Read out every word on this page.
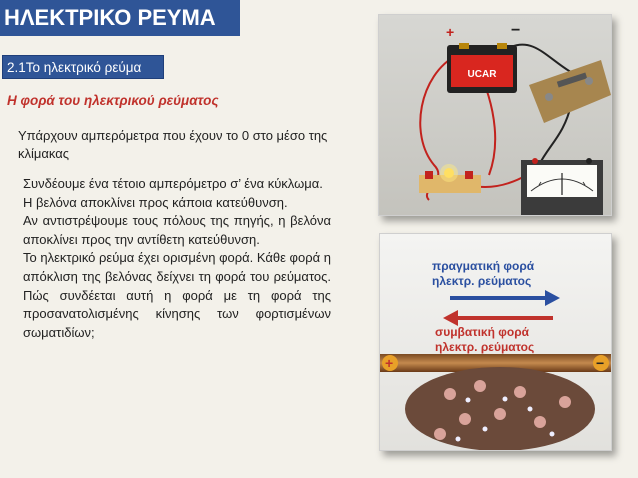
ΗΛΕΚΤΡΙΚΟ ΡΕΥΜΑ
2.1Το ηλεκτρικό ρεύμα
Η φορά του ηλεκτρικού ρεύματος
Υπάρχουν αμπερόμετρα που έχουν το 0 στο μέσο της κλίμακας

Συνδέουμε ένα τέτοιο αμπερόμετρο σ’ ένα κύκλωμα.

Η βελόνα αποκλίνει προς κάποια κατεύθυνση.

Αν αντιστρέψουμε τους πόλους της πηγής, η βελόνα αποκλίνει προς την αντίθετη κατεύθυνση.

Το ηλεκτρικό ρεύμα έχει ορισμένη φορά. Κάθε φορά η απόκλιση της βελόνας δείχνει τη φορά του ρεύματος. Πώς συνδέεται αυτή η φορά με τη φορά της προσανατολισμένης κίνησης των φορτισμένων σωματιδίων;

UCAR
+	−
πραγματική φορά
ηλεκτρ. ρεύματος
συμβατική φορά
ηλεκτρ. ρεύματος
+	−
